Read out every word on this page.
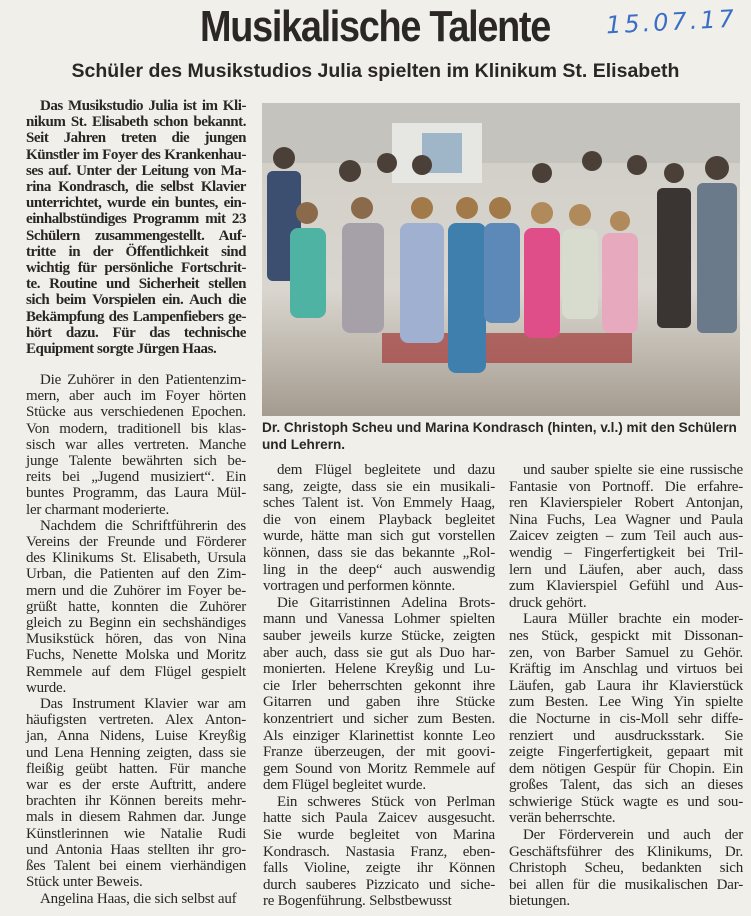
Musikalische Talente	15.07.17
Schüler des Musikstudios Julia spielten im Klinikum St. Elisabeth
Dr. Christoph Scheu und Marina Kondrasch (hinten, v.l.) mit den Schülern und Lehrern.
Das Musikstudio Julia ist im Kli-
nikum St. Elisabeth schon bekannt.
Seit Jahren treten die jungen
Künstler im Foyer des Krankenhau-
ses auf. Unter der Leitung von Ma-
rina Kondrasch, die selbst Klavier
unterrichtet, wurde ein buntes, ein-
einhalbstündiges Programm mit 23
Schülern zusammengestellt. Auf-
tritte in der Öffentlichkeit sind
wichtig für persönliche Fortschrit-
te. Routine und Sicherheit stellen
sich beim Vorspielen ein. Auch die
Bekämpfung des Lampenfiebers ge-
hört dazu. Für das technische
Equipment sorgte Jürgen Haas.
Die Zuhörer in den Patientenzim-
mern, aber auch im Foyer hörten
Stücke aus verschiedenen Epochen.
Von modern, traditionell bis klas-
sisch war alles vertreten. Manche
junge Talente bewährten sich be-
reits bei „Jugend musiziert“. Ein
buntes Programm, das Laura Mül-
ler charmant moderierte.
Nachdem die Schriftführerin des
Vereins der Freunde und Förderer
des Klinikums St. Elisabeth, Ursula
Urban, die Patienten auf den Zim-
mern und die Zuhörer im Foyer be-
grüßt hatte, konnten die Zuhörer
gleich zu Beginn ein sechshändiges
Musikstück hören, das von Nina
Fuchs, Nenette Molska und Moritz
Remmele auf dem Flügel gespielt
wurde.
Das Instrument Klavier war am
häufigsten vertreten. Alex Anton-
jan, Anna Nidens, Luise Kreyßig
und Lena Henning zeigten, dass sie
fleißig geübt hatten. Für manche
war es der erste Auftritt, andere
brachten ihr Können bereits mehr-
mals in diesem Rahmen dar. Junge
Künstlerinnen wie Natalie Rudi
und Antonia Haas stellten ihr gro-
ßes Talent bei einem vierhändigen
Stück unter Beweis.
Angelina Haas, die sich selbst auf
dem Flügel begleitete und dazu
sang, zeigte, dass sie ein musikali-
sches Talent ist. Von Emmely Haag,
die von einem Playback begleitet
wurde, hätte man sich gut vorstellen
können, dass sie das bekannte „Rol-
ling in the deep“ auch auswendig
vortragen und performen könnte.
Die Gitarristinnen Adelina Brots-
mann und Vanessa Lohmer spielten
sauber jeweils kurze Stücke, zeigten
aber auch, dass sie gut als Duo har-
monierten. Helene Kreyßig und Lu-
cie Irler beherrschten gekonnt ihre
Gitarren und gaben ihre Stücke
konzentriert und sicher zum Besten.
Als einziger Klarinettist konnte Leo
Franze überzeugen, der mit goovi-
gem Sound von Moritz Remmele auf
dem Flügel begleitet wurde.
Ein schweres Stück von Perlman
hatte sich Paula Zaicev ausgesucht.
Sie wurde begleitet von Marina
Kondrasch. Nastasia Franz, eben-
falls Violine, zeigte ihr Können
durch sauberes Pizzicato und siche-
re Bogenführung. Selbstbewusst
und sauber spielte sie eine russische
Fantasie von Portnoff. Die erfahre-
ren Klavierspieler Robert Antonjan,
Nina Fuchs, Lea Wagner und Paula
Zaicev zeigten – zum Teil auch aus-
wendig – Fingerfertigkeit bei Tril-
lern und Läufen, aber auch, dass
zum Klavierspiel Gefühl und Aus-
druck gehört.
Laura Müller brachte ein moder-
nes Stück, gespickt mit Dissonan-
zen, von Barber Samuel zu Gehör.
Kräftig im Anschlag und virtuos bei
Läufen, gab Laura ihr Klavierstück
zum Besten. Lee Wing Yin spielte
die Nocturne in cis-Moll sehr diffe-
renziert und ausdrucksstark. Sie
zeigte Fingerfertigkeit, gepaart mit
dem nötigen Gespür für Chopin. Ein
großes Talent, das sich an dieses
schwierige Stück wagte es und sou-
verän beherrschte.
Der Förderverein und auch der
Geschäftsführer des Klinikums, Dr.
Christoph Scheu, bedankten sich
bei allen für die musikalischen Dar-
bietungen.
